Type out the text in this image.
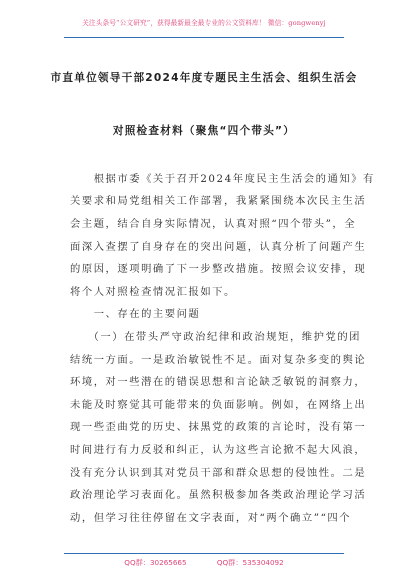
关注头条号“公文研究”，获得最新最全最专业的公文资料库！ 微信：gongwenyj
市直单位领导干部2024年度专题民主生活会、组织生活会
对照检查材料（聚焦“四个带头”）
　　根据市委《关于召开2024年度民主生活会的通知》有
关要求和局党组相关工作部署，我紧紧围绕本次民主生活
会主题，结合自身实际情况，认真对照“四个带头”，全
面深入查摆了自身存在的突出问题，认真分析了问题产生
的原因，逐项明确了下一步整改措施。按照会议安排，现
将个人对照检查情况汇报如下。
　　一、存在的主要问题
　　（一）在带头严守政治纪律和政治规矩，维护党的团
结统一方面。一是政治敏锐性不足。面对复杂多变的舆论
环境，对一些潜在的错误思想和言论缺乏敏锐的洞察力，
未能及时察觉其可能带来的负面影响。例如，在网络上出
现一些歪曲党的历史、抹黑党的政策的言论时，没有第一
时间进行有力反驳和纠正，认为这些言论掀不起大风浪，
没有充分认识到其对党员干部和群众思想的侵蚀性。二是
政治理论学习表面化。虽然积极参加各类政治理论学习活
动，但学习往往停留在文字表面，对“两个确立”“四个
QQ群：30265665	QQ群：535304092
